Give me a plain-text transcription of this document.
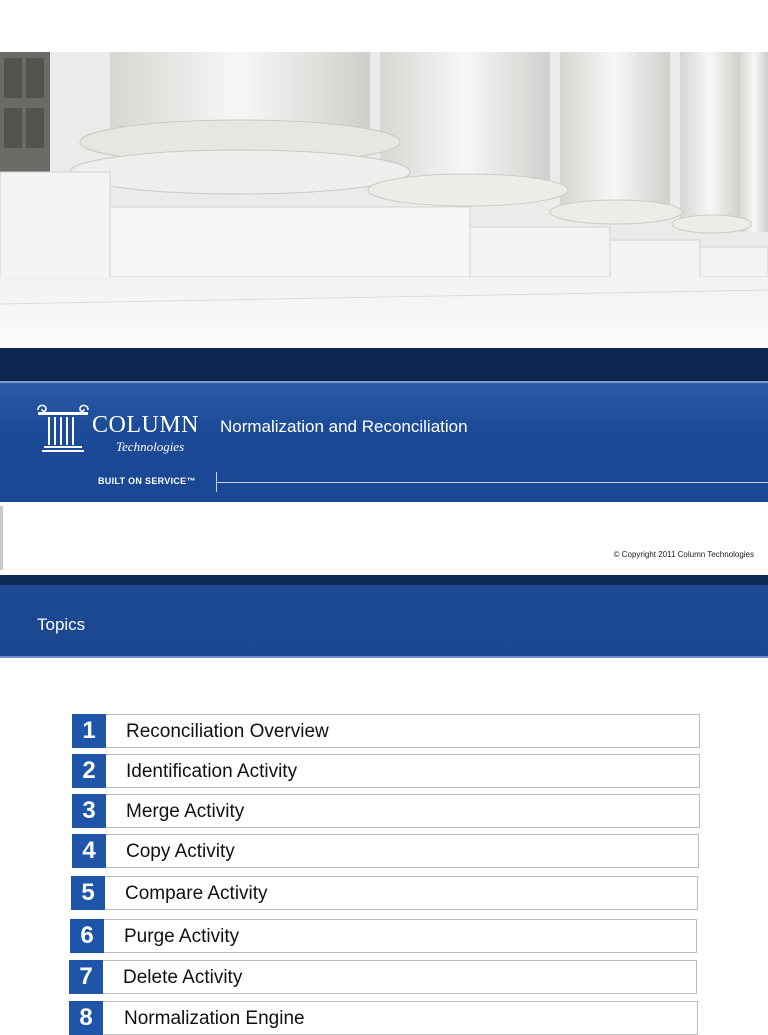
COLUMN
Technologies
Normalization and Reconciliation
BUILT ON SERVICE™
© Copyright 2011 Column Technologies
Topics
1	Reconciliation Overview
2	Identification Activity
3	Merge Activity
4	Copy Activity
5	Compare Activity
6	Purge Activity
7	Delete Activity
8	Normalization Engine
